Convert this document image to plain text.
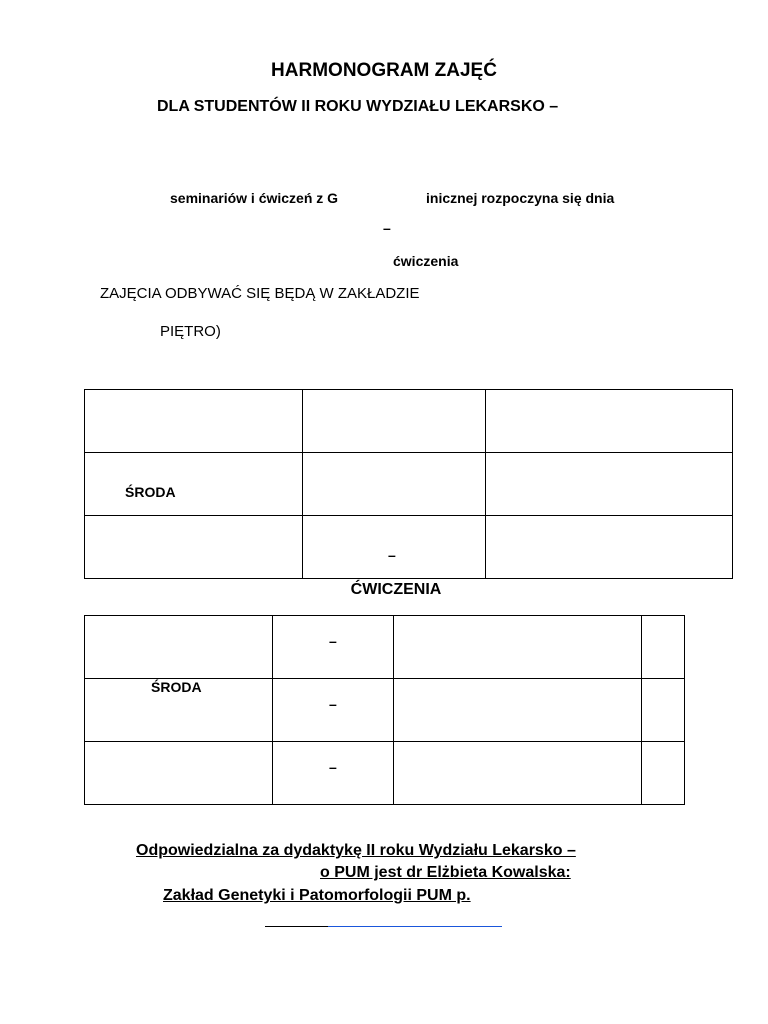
HARMONOGRAM ZAJĘĆ
DLA STUDENTÓW II ROKU WYDZIAŁU LEKARSKO –
seminariów i ćwiczeń z G	inicznej rozpoczyna się dnia
–
ćwiczenia
ZAJĘCIA ODBYWAĆ SIĘ BĘDĄ W ZAKŁADZIE
PIĘTRO)

ŚRODA		

	–	

ĆWICZENIA

	–		

ŚRODA	–		

	–		

Odpowiedzialna za dydaktykę II roku Wydziału Lekarsko –
o PUM jest dr Elżbieta Kowalska:
Zakład Genetyki i Patomorfologii PUM p.
